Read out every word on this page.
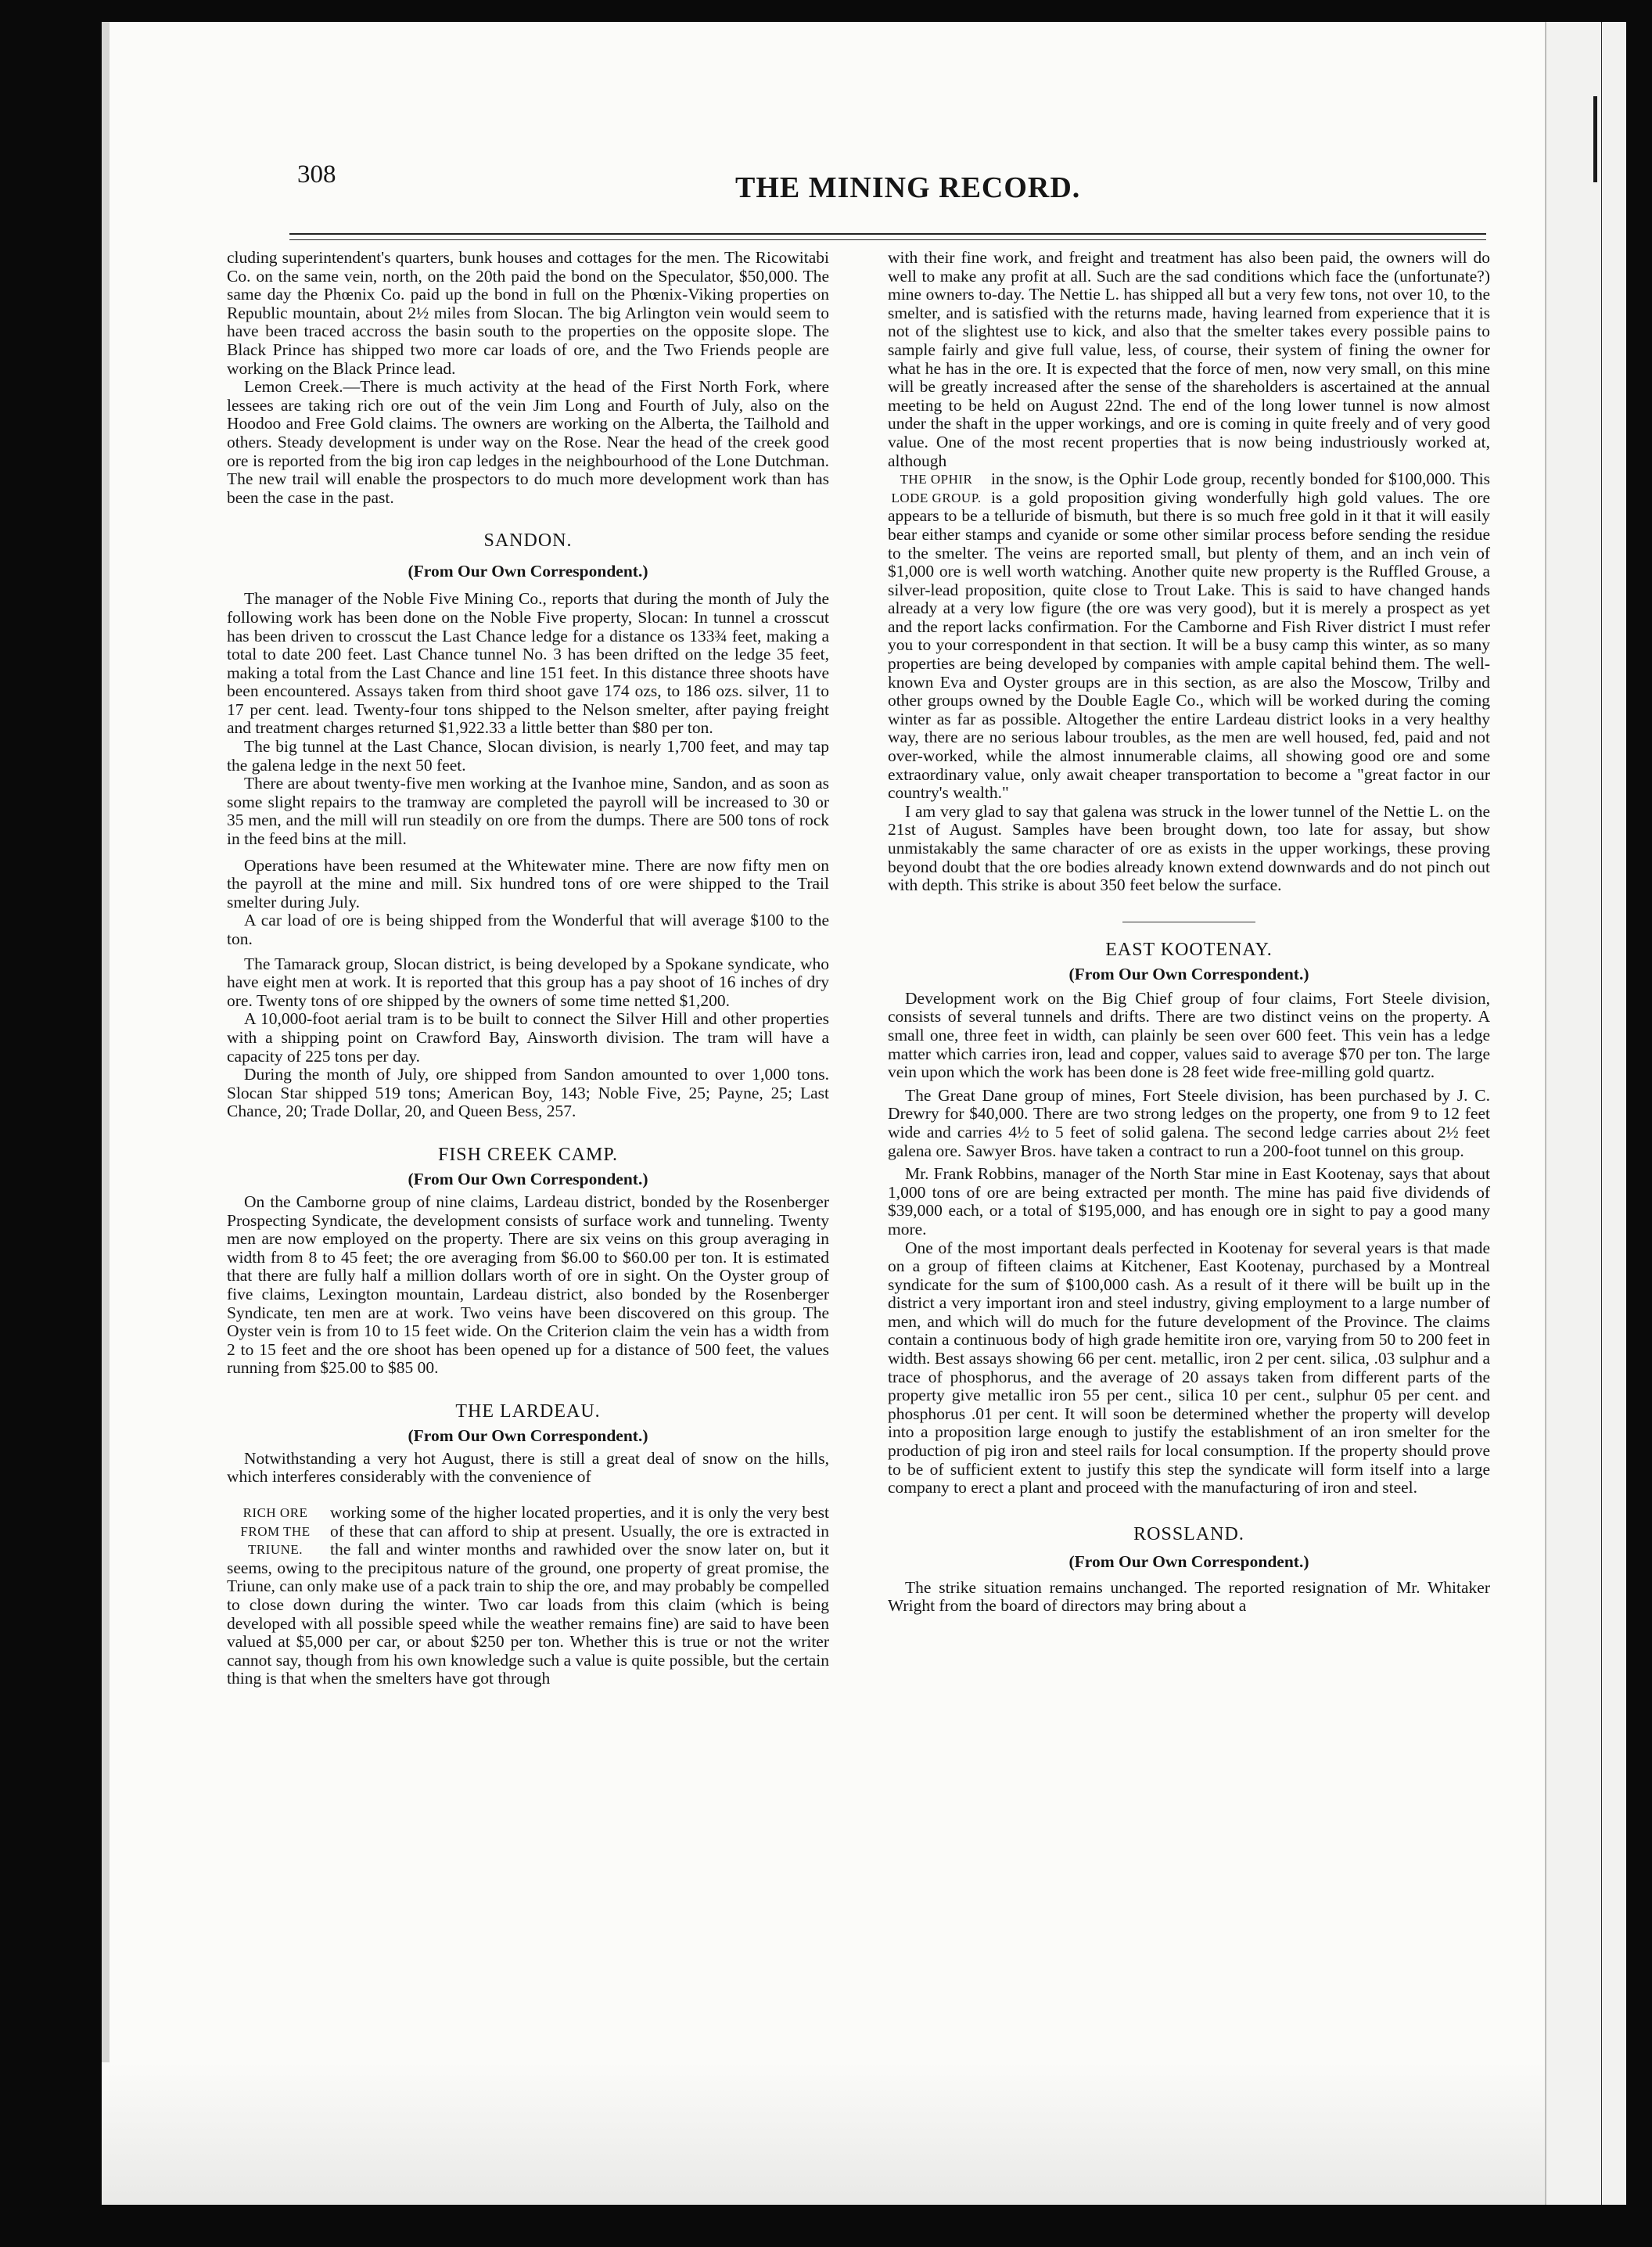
308	THE MINING RECORD.

cluding superintendent's quarters, bunk houses and cottages for the men. The Ricowitabi Co. on the same vein, north, on the 20th paid the bond on the Speculator, $50,000. The same day the Phœnix Co. paid up the bond in full on the Phœnix-Viking properties on Republic mountain, about 2½ miles from Slocan. The big Arlington vein would seem to have been traced accross the basin south to the properties on the opposite slope. The Black Prince has shipped two more car loads of ore, and the Two Friends people are working on the Black Prince lead.

Lemon Creek.—There is much activity at the head of the First North Fork, where lessees are taking rich ore out of the vein Jim Long and Fourth of July, also on the Hoodoo and Free Gold claims. The owners are working on the Alberta, the Tailhold and others. Steady development is under way on the Rose. Near the head of the creek good ore is reported from the big iron cap ledges in the neighbourhood of the Lone Dutchman. The new trail will enable the prospectors to do much more development work than has been the case in the past.

SANDON.
(From Our Own Correspondent.)

The manager of the Noble Five Mining Co., reports that during the month of July the following work has been done on the Noble Five property, Slocan: In tunnel a crosscut has been driven to crosscut the Last Chance ledge for a distance os 133¾ feet, making a total to date 200 feet. Last Chance tunnel No. 3 has been drifted on the ledge 35 feet, making a total from the Last Chance and line 151 feet. In this distance three shoots have been encountered. Assays taken from third shoot gave 174 ozs, to 186 ozs. silver, 11 to 17 per cent. lead. Twenty-four tons shipped to the Nelson smelter, after paying freight and treatment charges returned $1,922.33 a little better than $80 per ton.

The big tunnel at the Last Chance, Slocan division, is nearly 1,700 feet, and may tap the galena ledge in the next 50 feet.

There are about twenty-five men working at the Ivanhoe mine, Sandon, and as soon as some slight repairs to the tramway are completed the payroll will be increased to 30 or 35 men, and the mill will run steadily on ore from the dumps. There are 500 tons of rock in the feed bins at the mill.

Operations have been resumed at the Whitewater mine. There are now fifty men on the payroll at the mine and mill. Six hundred tons of ore were shipped to the Trail smelter during July.

A car load of ore is being shipped from the Wonderful that will average $100 to the ton.

The Tamarack group, Slocan district, is being developed by a Spokane syndicate, who have eight men at work. It is reported that this group has a pay shoot of 16 inches of dry ore. Twenty tons of ore shipped by the owners of some time netted $1,200.

A 10,000-foot aerial tram is to be built to connect the Silver Hill and other properties with a shipping point on Crawford Bay, Ainsworth division. The tram will have a capacity of 225 tons per day.

During the month of July, ore shipped from Sandon amounted to over 1,000 tons. Slocan Star shipped 519 tons; American Boy, 143; Noble Five, 25; Payne, 25; Last Chance, 20; Trade Dollar, 20, and Queen Bess, 257.

FISH CREEK CAMP.
(From Our Own Correspondent.)

On the Camborne group of nine claims, Lardeau district, bonded by the Rosenberger Prospecting Syndicate, the development consists of surface work and tunneling. Twenty men are now employed on the property. There are six veins on this group averaging in width from 8 to 45 feet; the ore averaging from $6.00 to $60.00 per ton. It is estimated that there are fully half a million dollars worth of ore in sight. On the Oyster group of five claims, Lexington mountain, Lardeau district, also bonded by the Rosenberger Syndicate, ten men are at work. Two veins have been discovered on this group. The Oyster vein is from 10 to 15 feet wide. On the Criterion claim the vein has a width from 2 to 15 feet and the ore shoot has been opened up for a distance of 500 feet, the values running from $25.00 to $85 00.

THE LARDEAU.
(From Our Own Correspondent.)

Notwithstanding a very hot August, there is still a great deal of snow on the hills, which interferes considerably with the convenience of

RICH ORE FROM THE TRIUNE.

working some of the higher located properties, and it is only the very best of these that can afford to ship at present. Usually, the ore is extracted in the fall and winter months and rawhided over the snow later on, but it seems, owing to the precipitous nature of the ground, one property of great promise, the Triune, can only make use of a pack train to ship the ore, and may probably be compelled to close down during the winter. Two car loads from this claim (which is being developed with all possible speed while the weather remains fine) are said to have been valued at $5,000 per car, or about $250 per ton. Whether this is true or not the writer cannot say, though from his own knowledge such a value is quite possible, but the certain thing is that when the smelters have got through

with their fine work, and freight and treatment has also been paid, the owners will do well to make any profit at all. Such are the sad conditions which face the (unfortunate?) mine owners to-day. The Nettie L. has shipped all but a very few tons, not over 10, to the smelter, and is satisfied with the returns made, having learned from experience that it is not of the slightest use to kick, and also that the smelter takes every possible pains to sample fairly and give full value, less, of course, their system of fining the owner for what he has in the ore. It is expected that the force of men, now very small, on this mine will be greatly increased after the sense of the shareholders is ascertained at the annual meeting to be held on August 22nd. The end of the long lower tunnel is now almost under the shaft in the upper workings, and ore is coming in quite freely and of very good value. One of the most recent properties that is now being industriously worked at, although

THE OPHIR LODE GROUP.

in the snow, is the Ophir Lode group, recently bonded for $100,000. This is a gold proposition giving wonderfully high gold values. The ore appears to be a telluride of bismuth, but there is so much free gold in it that it will easily bear either stamps and cyanide or some other similar process before sending the residue to the smelter. The veins are reported small, but plenty of them, and an inch vein of $1,000 ore is well worth watching. Another quite new property is the Ruffled Grouse, a silver-lead proposition, quite close to Trout Lake. This is said to have changed hands already at a very low figure (the ore was very good), but it is merely a prospect as yet and the report lacks confirmation. For the Camborne and Fish River district I must refer you to your correspondent in that section. It will be a busy camp this winter, as so many properties are being developed by companies with ample capital behind them. The well-known Eva and Oyster groups are in this section, as are also the Moscow, Trilby and other groups owned by the Double Eagle Co., which will be worked during the coming winter as far as possible. Altogether the entire Lardeau district looks in a very healthy way, there are no serious labour troubles, as the men are well housed, fed, paid and not over-worked, while the almost innumerable claims, all showing good ore and some extraordinary value, only await cheaper transportation to become a "great factor in our country's wealth."

I am very glad to say that galena was struck in the lower tunnel of the Nettie L. on the 21st of August. Samples have been brought down, too late for assay, but show unmistakably the same character of ore as exists in the upper workings, these proving beyond doubt that the ore bodies already known extend downwards and do not pinch out with depth. This strike is about 350 feet below the surface.

EAST KOOTENAY.
(From Our Own Correspondent.)

Development work on the Big Chief group of four claims, Fort Steele division, consists of several tunnels and drifts. There are two distinct veins on the property. A small one, three feet in width, can plainly be seen over 600 feet. This vein has a ledge matter which carries iron, lead and copper, values said to average $70 per ton. The large vein upon which the work has been done is 28 feet wide free-milling gold quartz.

The Great Dane group of mines, Fort Steele division, has been purchased by J. C. Drewry for $40,000. There are two strong ledges on the property, one from 9 to 12 feet wide and carries 4½ to 5 feet of solid galena. The second ledge carries about 2½ feet galena ore. Sawyer Bros. have taken a contract to run a 200-foot tunnel on this group.

Mr. Frank Robbins, manager of the North Star mine in East Kootenay, says that about 1,000 tons of ore are being extracted per month. The mine has paid five dividends of $39,000 each, or a total of $195,000, and has enough ore in sight to pay a good many more.

One of the most important deals perfected in Kootenay for several years is that made on a group of fifteen claims at Kitchener, East Kootenay, purchased by a Montreal syndicate for the sum of $100,000 cash. As a result of it there will be built up in the district a very important iron and steel industry, giving employment to a large number of men, and which will do much for the future development of the Province. The claims contain a continuous body of high grade hemitite iron ore, varying from 50 to 200 feet in width. Best assays showing 66 per cent. metallic, iron 2 per cent. silica, .03 sulphur and a trace of phosphorus, and the average of 20 assays taken from different parts of the property give metallic iron 55 per cent., silica 10 per cent., sulphur 05 per cent. and phosphorus .01 per cent. It will soon be determined whether the property will develop into a proposition large enough to justify the establishment of an iron smelter for the production of pig iron and steel rails for local consumption. If the property should prove to be of sufficient extent to justify this step the syndicate will form itself into a large company to erect a plant and proceed with the manufacturing of iron and steel.

ROSSLAND.
(From Our Own Correspondent.)

The strike situation remains unchanged. The reported resignation of Mr. Whitaker Wright from the board of directors may bring about a
